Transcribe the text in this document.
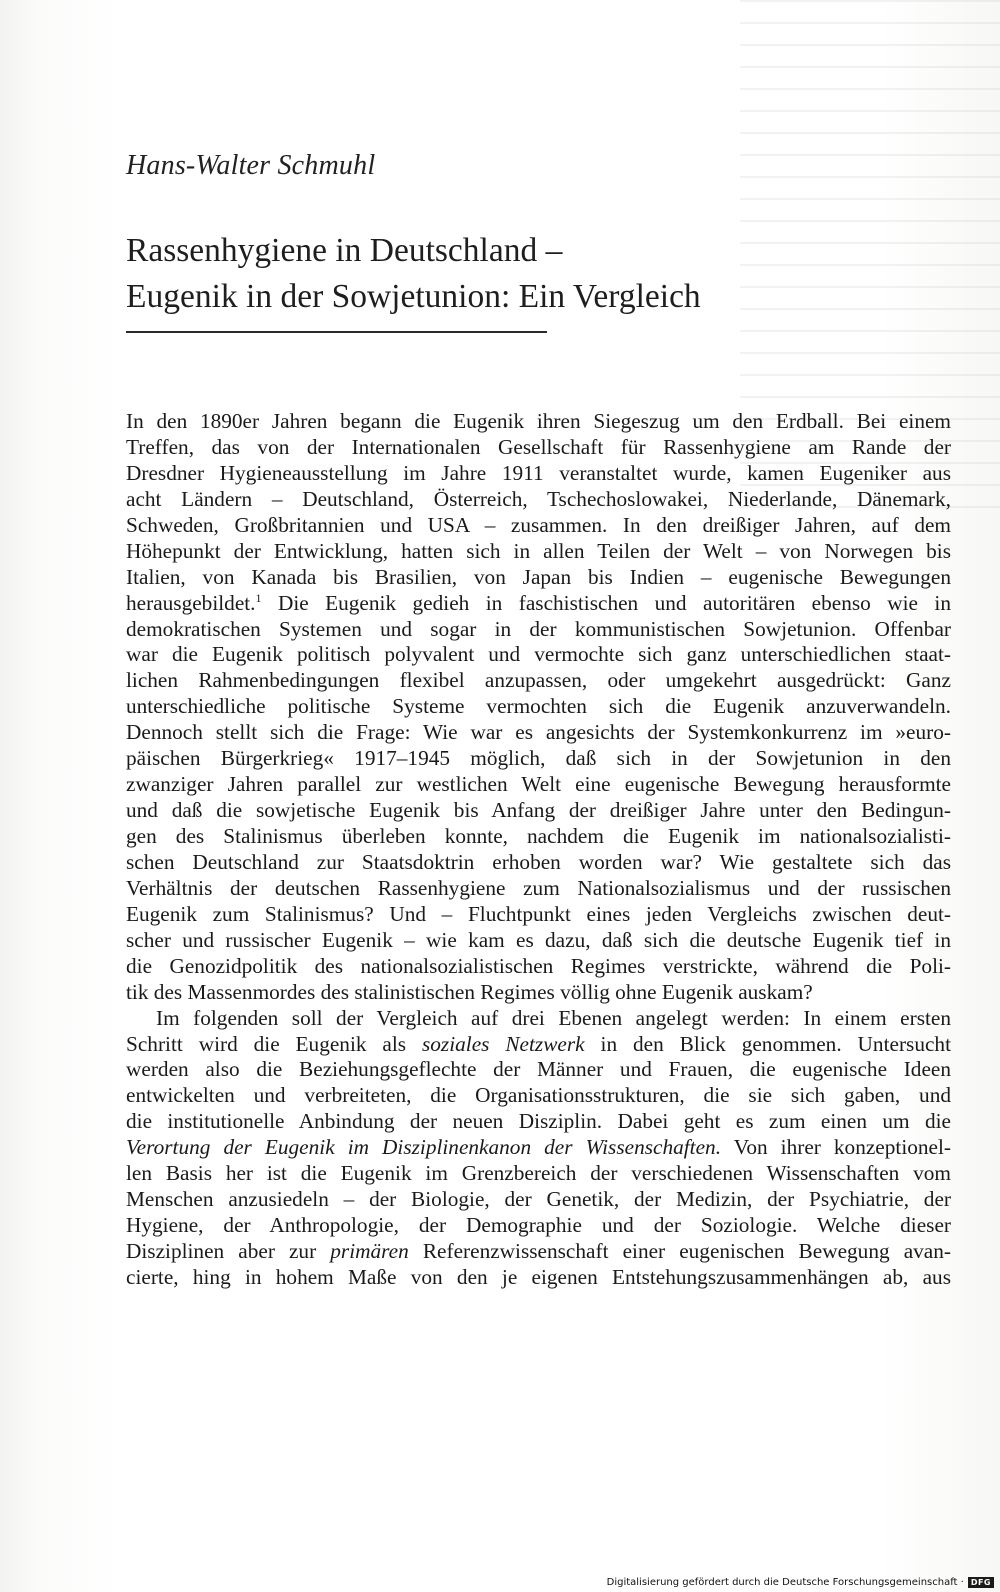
Hans-Walter Schmuhl
Rassenhygiene in Deutschland –
Eugenik in der Sowjetunion: Ein Vergleich
In den 1890er Jahren begann die Eugenik ihren Siegeszug um den Erdball. Bei einem
Treffen, das von der Internationalen Gesellschaft für Rassenhygiene am Rande der
Dresdner Hygieneausstellung im Jahre 1911 veranstaltet wurde, kamen Eugeniker aus
acht Ländern – Deutschland, Österreich, Tschechoslowakei, Niederlande, Dänemark,
Schweden, Großbritannien und USA – zusammen. In den dreißiger Jahren, auf dem
Höhepunkt der Entwicklung, hatten sich in allen Teilen der Welt – von Norwegen bis
Italien, von Kanada bis Brasilien, von Japan bis Indien – eugenische Bewegungen
herausgebildet.$^1$ Die Eugenik gedieh in faschistischen und autoritären ebenso wie in
demokratischen Systemen und sogar in der kommunistischen Sowjetunion. Offenbar
war die Eugenik politisch polyvalent und vermochte sich ganz unterschiedlichen staat-
lichen Rahmenbedingungen flexibel anzupassen, oder umgekehrt ausgedrückt: Ganz
unterschiedliche politische Systeme vermochten sich die Eugenik anzuverwandeln.
Dennoch stellt sich die Frage: Wie war es angesichts der Systemkonkurrenz im »euro-
päischen Bürgerkrieg« 1917–1945 möglich, daß sich in der Sowjetunion in den
zwanziger Jahren parallel zur westlichen Welt eine eugenische Bewegung herausformte
und daß die sowjetische Eugenik bis Anfang der dreißiger Jahre unter den Bedingun-
gen des Stalinismus überleben konnte, nachdem die Eugenik im nationalsozialisti-
schen Deutschland zur Staatsdoktrin erhoben worden war? Wie gestaltete sich das
Verhältnis der deutschen Rassenhygiene zum Nationalsozialismus und der russischen
Eugenik zum Stalinismus? Und – Fluchtpunkt eines jeden Vergleichs zwischen deut-
scher und russischer Eugenik – wie kam es dazu, daß sich die deutsche Eugenik tief in
die Genozidpolitik des nationalsozialistischen Regimes verstrickte, während die Poli-
tik des Massenmordes des stalinistischen Regimes völlig ohne Eugenik auskam?
Im folgenden soll der Vergleich auf drei Ebenen angelegt werden: In einem ersten
Schritt wird die Eugenik als soziales Netzwerk in den Blick genommen. Untersucht
werden also die Beziehungsgeflechte der Männer und Frauen, die eugenische Ideen
entwickelten und verbreiteten, die Organisationsstrukturen, die sie sich gaben, und
die institutionelle Anbindung der neuen Disziplin. Dabei geht es zum einen um die
Verortung der Eugenik im Disziplinenkanon der Wissenschaften. Von ihrer konzeptionel-
len Basis her ist die Eugenik im Grenzbereich der verschiedenen Wissenschaften vom
Menschen anzusiedeln – der Biologie, der Genetik, der Medizin, der Psychiatrie, der
Hygiene, der Anthropologie, der Demographie und der Soziologie. Welche dieser
Disziplinen aber zur primären Referenzwissenschaft einer eugenischen Bewegung avan-
cierte, hing in hohem Maße von den je eigenen Entstehungszusammenhängen ab, aus
Digitalisierung gefördert durch die Deutsche Forschungsgemeinschaft · DFG
